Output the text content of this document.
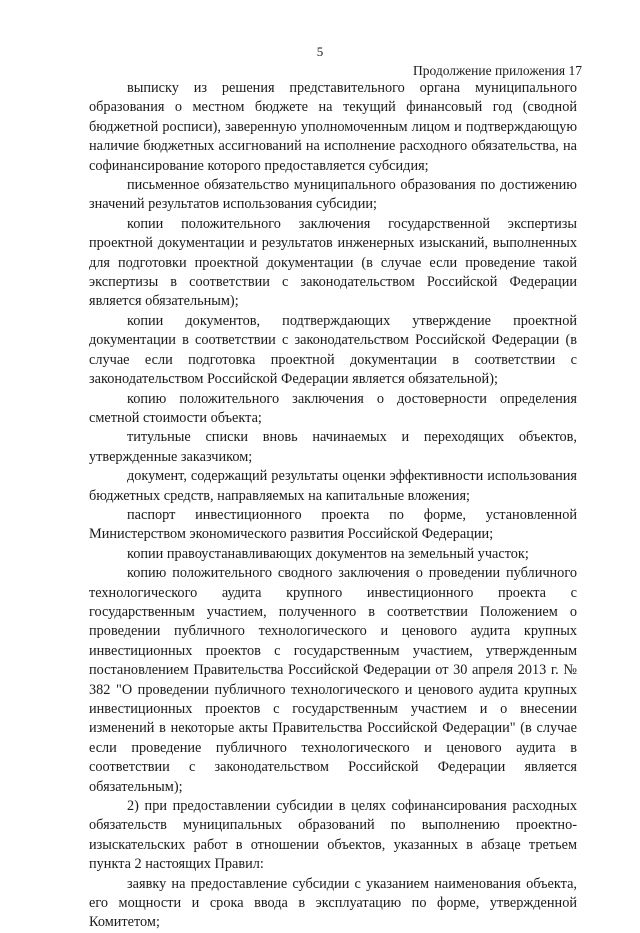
5
Продолжение приложения 17

выписку из решения представительного органа муниципального образования о местном бюджете на текущий финансовый год (сводной бюджетной росписи), заверенную уполномоченным лицом и подтверждающую наличие бюджетных ассигнований на исполнение расходного обязательства, на софинансирование которого предоставляется субсидия;

письменное обязательство муниципального образования по достижению значений результатов использования субсидии;

копии положительного заключения государственной экспертизы проектной документации и результатов инженерных изысканий, выполненных для подготовки проектной документации (в случае если проведение такой экспертизы в соответствии с законодательством Российской Федерации является обязательным);

копии документов, подтверждающих утверждение проектной документации в соответствии с законодательством Российской Федерации (в случае если подготовка проектной документации в соответствии с законодательством Российской Федерации является обязательной);

копию положительного заключения о достоверности определения сметной стоимости объекта;

титульные списки вновь начинаемых и переходящих объектов, утвержденные заказчиком;

документ, содержащий результаты оценки эффективности использования бюджетных средств, направляемых на капитальные вложения;

паспорт инвестиционного проекта по форме, установленной Министерством экономического развития Российской Федерации;

копии правоустанавливающих документов на земельный участок;

копию положительного сводного заключения о проведении публичного технологического аудита крупного инвестиционного проекта с государственным участием, полученного в соответствии Положением о проведении публичного технологического и ценового аудита крупных инвестиционных проектов с государственным участием, утвержденным постановлением Правительства Российской Федерации от 30 апреля 2013 г. № 382 "О проведении публичного технологического и ценового аудита крупных инвестиционных проектов с государственным участием и о внесении изменений в некоторые акты Правительства Российской Федерации" (в случае если проведение публичного технологического и ценового аудита в соответствии с законодательством Российской Федерации является обязательным);

2) при предоставлении субсидии в целях софинансирования расходных обязательств муниципальных образований по выполнению проектно-изыскательских работ в отношении объектов, указанных в абзаце третьем пункта 2 настоящих Правил:

заявку на предоставление субсидии с указанием наименования объекта, его мощности и срока ввода в эксплуатацию по форме, утвержденной Комитетом;
